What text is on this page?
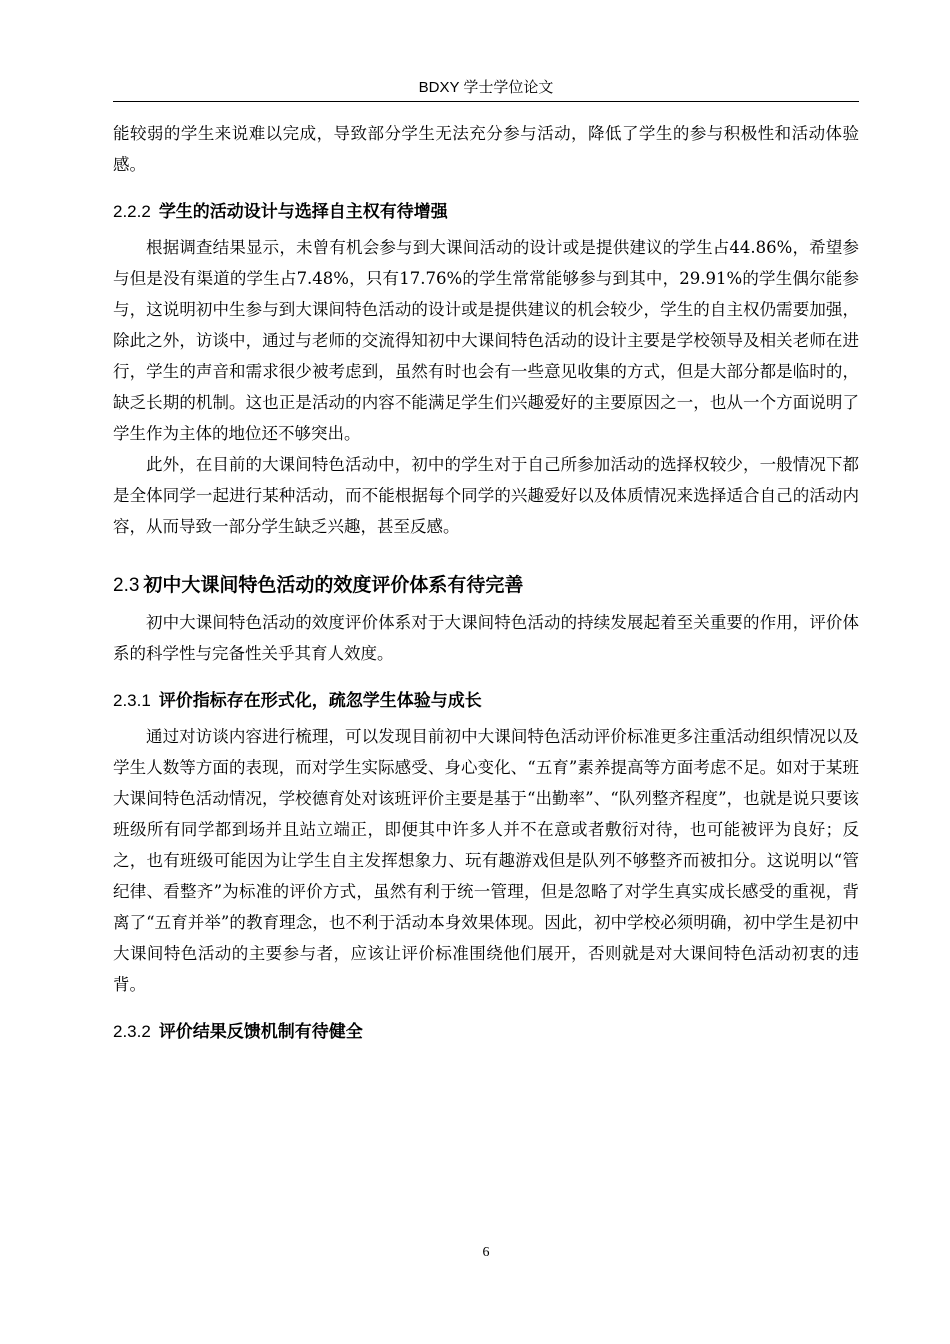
BDXY 学士学位论文

能较弱的学生来说难以完成，导致部分学生无法充分参与活动，降低了学生的参与积极性和活动体验感。

2.2.2 学生的活动设计与选择自主权有待增强

根据调查结果显示，未曾有机会参与到大课间活动的设计或是提供建议的学生占44.86%，希望参与但是没有渠道的学生占7.48%，只有17.76%的学生常常能够参与到其中，29.91%的学生偶尔能参与，这说明初中生参与到大课间特色活动的设计或是提供建议的机会较少，学生的自主权仍需要加强，除此之外，访谈中，通过与老师的交流得知初中大课间特色活动的设计主要是学校领导及相关老师在进行，学生的声音和需求很少被考虑到，虽然有时也会有一些意见收集的方式，但是大部分都是临时的，缺乏长期的机制。这也正是活动的内容不能满足学生们兴趣爱好的主要原因之一，也从一个方面说明了学生作为主体的地位还不够突出。

此外，在目前的大课间特色活动中，初中的学生对于自己所参加活动的选择权较少，一般情况下都是全体同学一起进行某种活动，而不能根据每个同学的兴趣爱好以及体质情况来选择适合自己的活动内容，从而导致一部分学生缺乏兴趣，甚至反感。

2.3 初中大课间特色活动的效度评价体系有待完善

初中大课间特色活动的效度评价体系对于大课间特色活动的持续发展起着至关重要的作用，评价体系的科学性与完备性关乎其育人效度。

2.3.1 评价指标存在形式化，疏忽学生体验与成长

通过对访谈内容进行梳理，可以发现目前初中大课间特色活动评价标准更多注重活动组织情况以及学生人数等方面的表现，而对学生实际感受、身心变化、“五育”素养提高等方面考虑不足。如对于某班大课间特色活动情况，学校德育处对该班评价主要是基于“出勤率”、“队列整齐程度”，也就是说只要该班级所有同学都到场并且站立端正，即便其中许多人并不在意或者敷衍对待，也可能被评为良好；反之，也有班级可能因为让学生自主发挥想象力、玩有趣游戏但是队列不够整齐而被扣分。这说明以“管纪律、看整齐”为标准的评价方式，虽然有利于统一管理，但是忽略了对学生真实成长感受的重视，背离了“五育并举”的教育理念，也不利于活动本身效果体现。因此，初中学校必须明确，初中学生是初中大课间特色活动的主要参与者，应该让评价标准围绕他们展开，否则就是对大课间特色活动初衷的违背。

2.3.2 评价结果反馈机制有待健全
6
